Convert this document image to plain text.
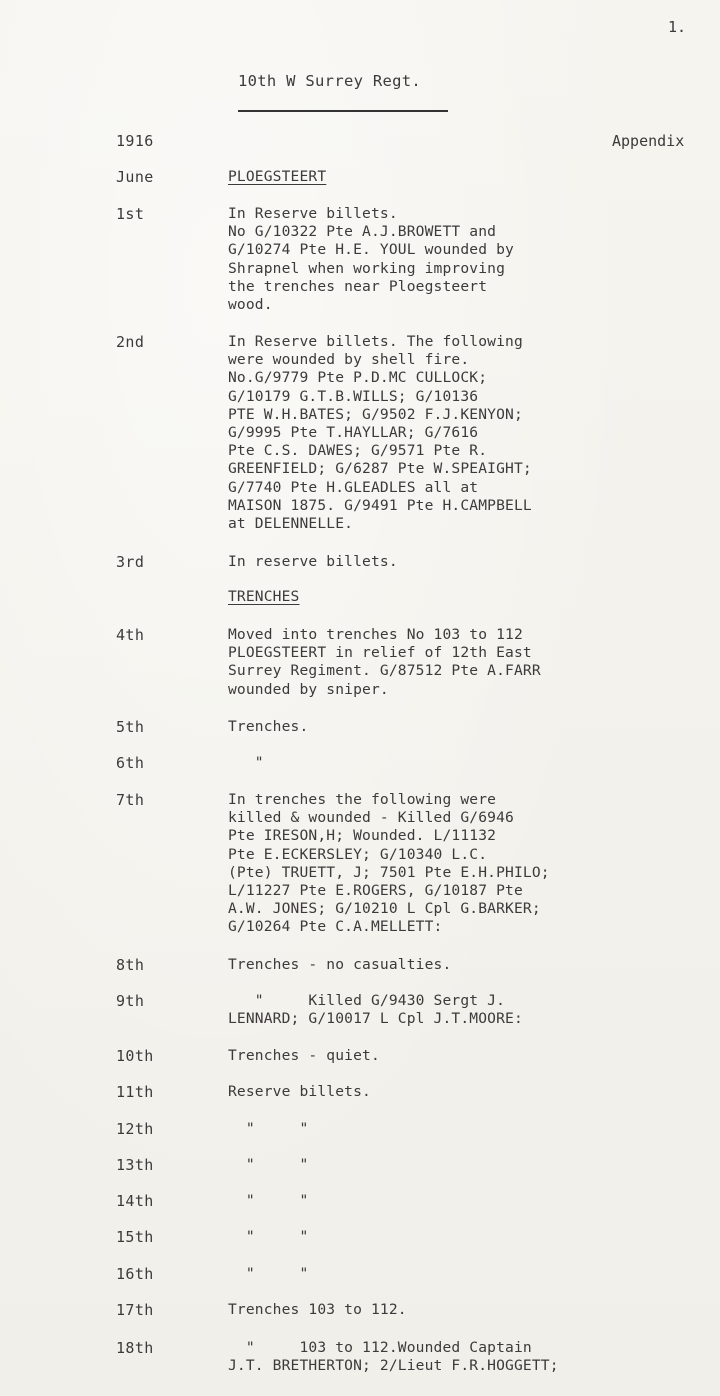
1.
10th W Surrey Regt.
1916	Appendix
June	PLOEGSTEERT
1st	In Reserve billets.
No G/10322 Pte A.J.BROWETT and
G/10274 Pte H.E. YOUL wounded by
Shrapnel when working improving
the trenches near Ploegsteert
wood.
2nd	In Reserve billets. The following
were wounded by shell fire.
No.G/9779 Pte P.D.MC CULLOCK;
G/10179 G.T.B.WILLS; G/10136
PTE W.H.BATES; G/9502 F.J.KENYON;
G/9995 Pte T.HAYLLAR; G/7616
Pte C.S. DAWES; G/9571 Pte R.
GREENFIELD; G/6287 Pte W.SPEAIGHT;
G/7740 Pte H.GLEADLES all at
MAISON 1875. G/9491 Pte H.CAMPBELL
at DELENNELLE.
3rd	In reserve billets.
TRENCHES
4th	Moved into trenches No 103 to 112
PLOEGSTEERT in relief of 12th East
Surrey Regiment. G/87512 Pte A.FARR
wounded by sniper.
5th	Trenches.
6th	"
7th	In trenches the following were
killed & wounded - Killed G/6946
Pte IRESON,H; Wounded. L/11132
Pte E.ECKERSLEY; G/10340 L.C.
(Pte) TRUETT, J; 7501 Pte E.H.PHILO;
L/11227 Pte E.ROGERS, G/10187 Pte
A.W. JONES; G/10210 L Cpl G.BARKER;
G/10264 Pte C.A.MELLETT:
8th	Trenches - no casualties.
9th	"     Killed G/9430 Sergt J.
LENNARD; G/10017 L Cpl J.T.MOORE:
10th	Trenches - quiet.
11th	Reserve billets.
12th	"     "
13th	"     "
14th	"     "
15th	"     "
16th	"     "
17th	Trenches 103 to 112.
18th	"     103 to 112.Wounded Captain
J.T. BRETHERTON; 2/Lieut F.R.HOGGETT;
